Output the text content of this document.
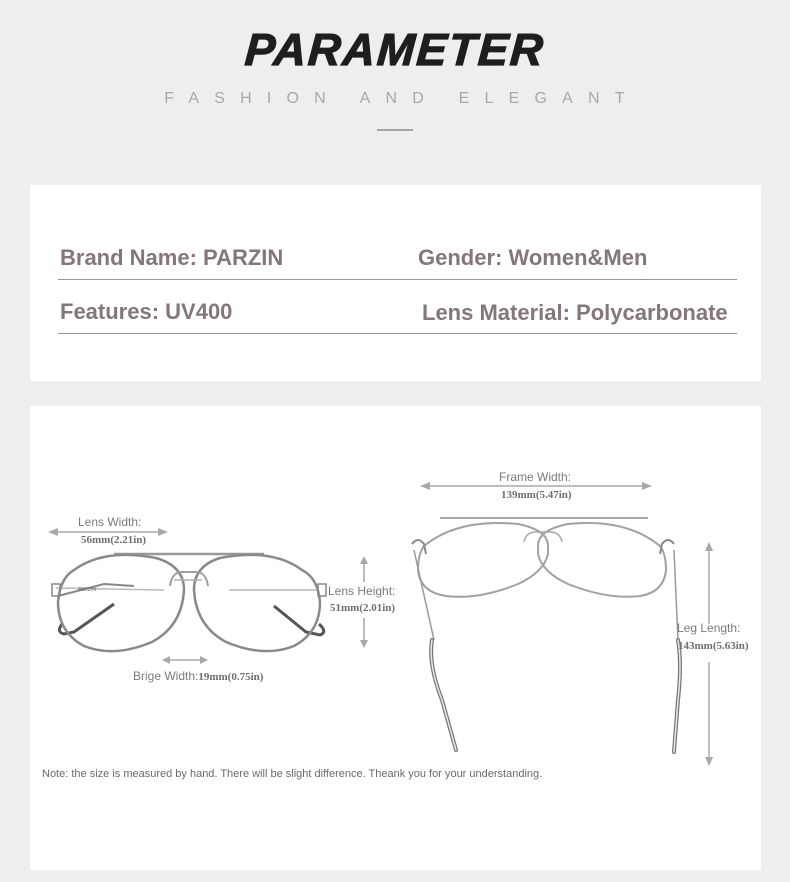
PARAMETER
FASHION AND ELEGANT
Brand Name: PARZIN	Gender: Women&Men
Features: UV400	Lens Material: Polycarbonate
Lens Width:
56mm(2.21in)
PARZIN
Brige Width:19mm(0.75in)
Lens Height:
51mm(2.01in)
Frame Width:
139mm(5.47in)
Leg Length:
143mm(5.63in)
Note: the size is measured by hand. There will be slight difference. Theank you for your understanding.
